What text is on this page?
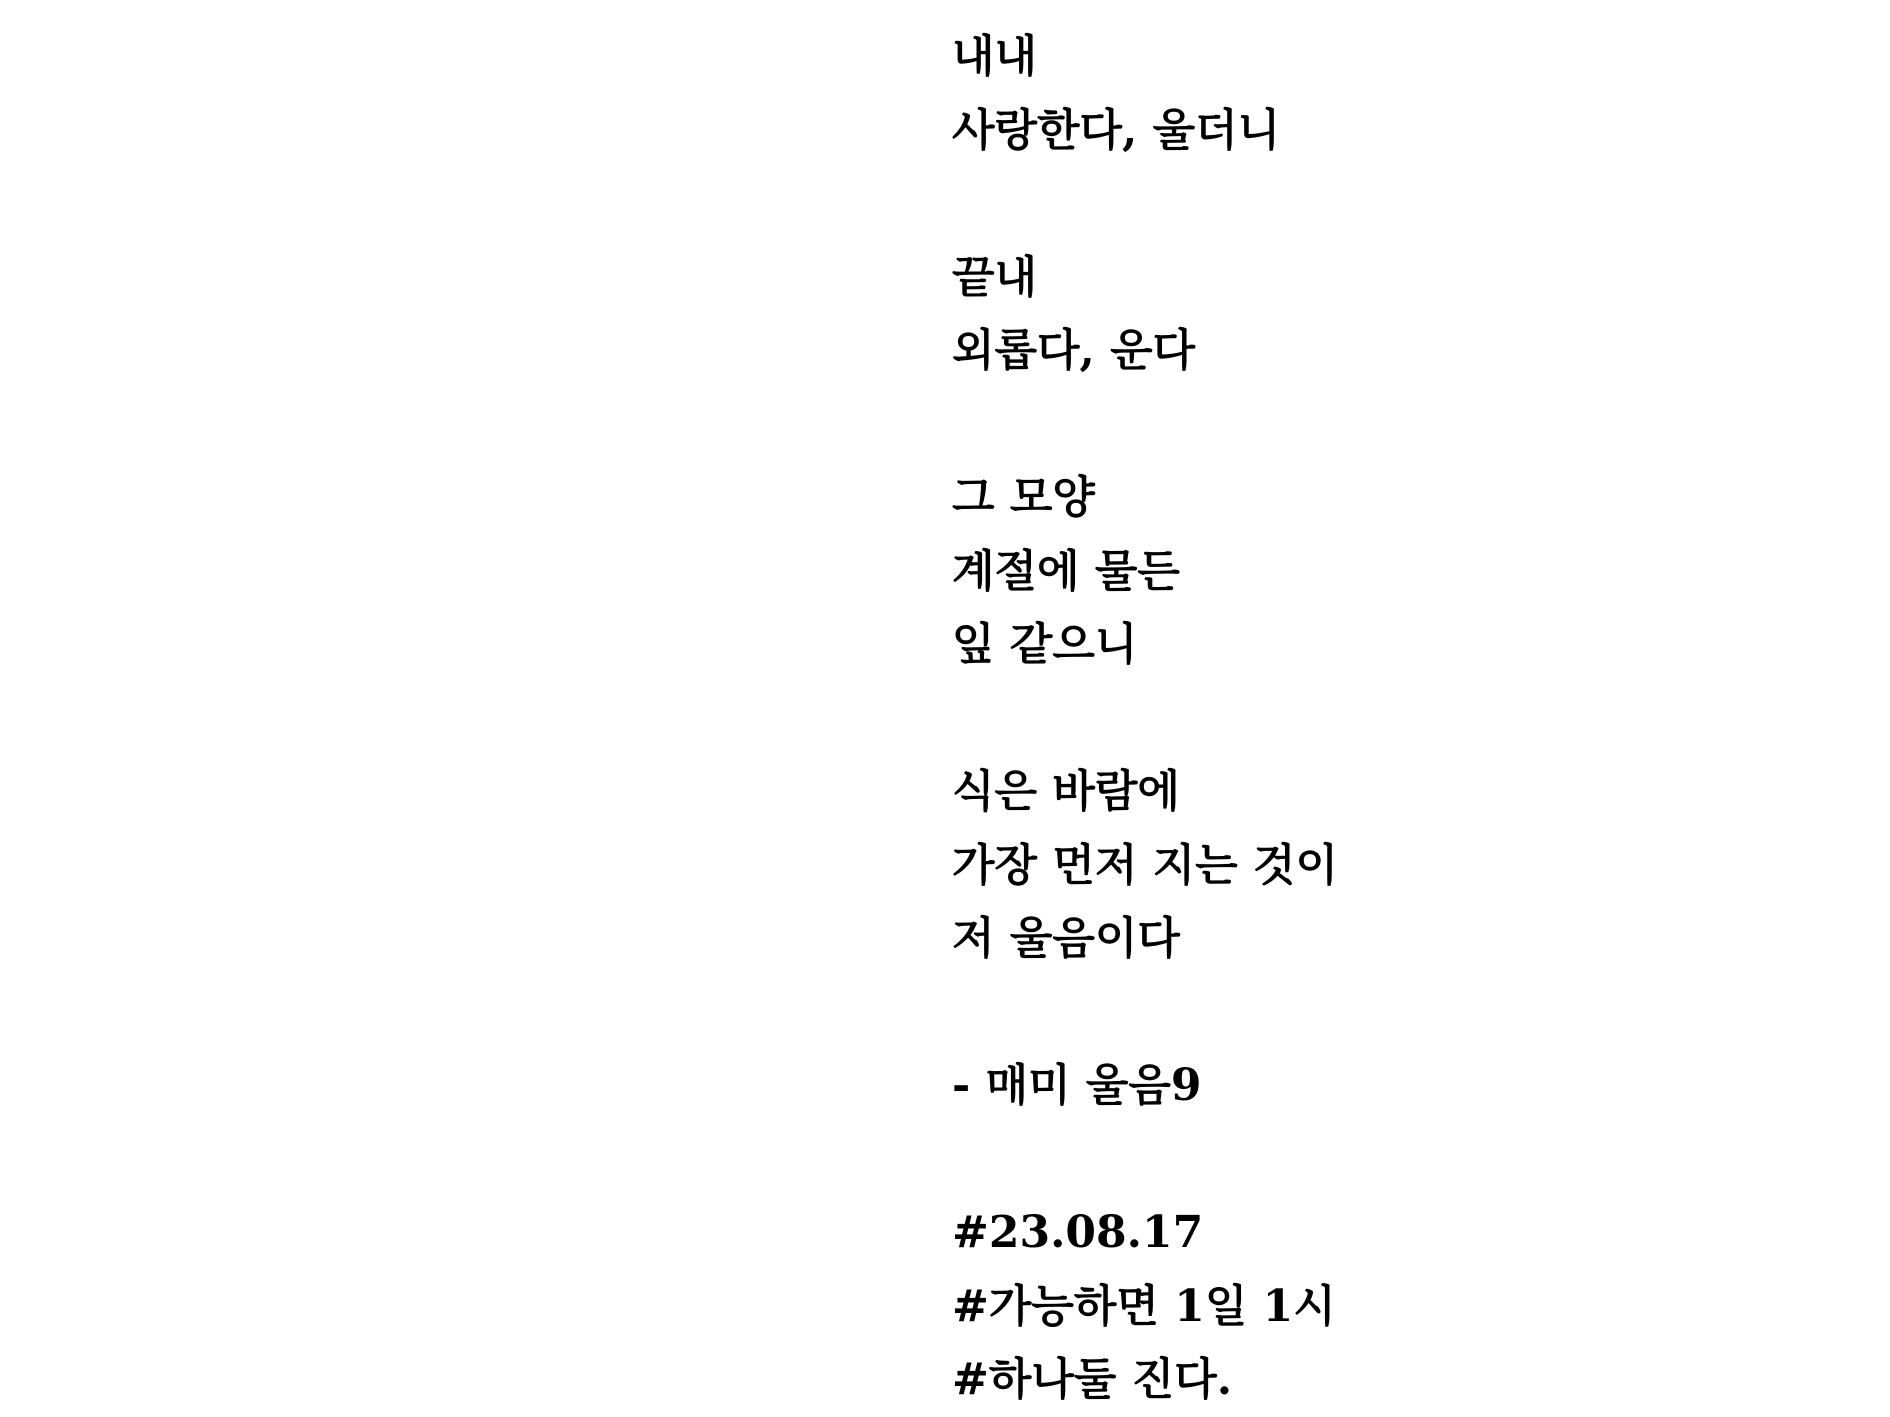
내내
사랑한다, 울더니
끝내
외롭다, 운다
그 모양
계절에 물든
잎 같으니
식은 바람에
가장 먼저 지는 것이
저 울음이다
- 매미 울음9
#23.08.17
#가능하면 1일 1시
#하나둘 진다.
